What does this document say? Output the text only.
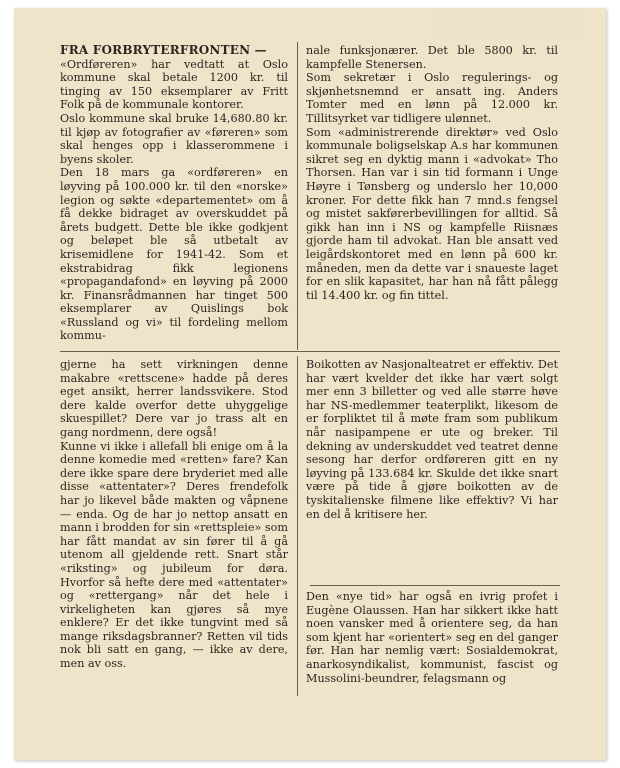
FRA FORBRYTERFRONTEN —

«Ordføreren» har vedtatt at Oslo kommune skal betale 1200 kr. til tinging av 150 eksemplarer av Fritt Folk på de kommunale kontorer.

Oslo kommune skal bruke 14,680.80 kr. til kjøp av fotografier av «føreren» som skal henges opp i klasserommene i byens skoler.

Den 18 mars ga «ordføreren» en løyving på 100.000 kr. til den «norske» legion og søkte «departementet» om å få dekke bidraget av overskuddet på årets budgett. Dette ble ikke godkjent og beløpet ble så utbetalt av krisemidlene for 1941-42. Som et ekstrabidrag fikk legionens «propagandafond» en løyving på 2000 kr. Finansrådmannen har tinget 500 eksemplarer av Quislings bok «Russland og vi» til fordeling mellom kommu-

nale funksjonærer. Det ble 5800 kr. til kampfelle Stenersen.

Som sekretær i Oslo regulerings- og skjønhetsnemnd er ansatt ing. Anders Tomter med en lønn på 12.000 kr. Tillitsyrket var tidligere ulønnet.

Som «administrerende direktør» ved Oslo kommunale boligselskap A.s har kommunen sikret seg en dyktig mann i «advokat» Tho Thorsen. Han var i sin tid formann i Unge Høyre i Tønsberg og underslo her 10,000 kroner. For dette fikk han 7 mnd.s fengsel og mistet sakførerbevillingen for alltid. Så gikk han inn i NS og kampfelle Riisnæs gjorde ham til advokat. Han ble ansatt ved leigårdskontoret med en lønn på 600 kr. måneden, men da dette var i snaueste laget for en slik kapasitet, har han nå fått pålegg til 14.400 kr. og fin tittel.

gjerne ha sett virkningen denne makabre «rettscene» hadde på deres eget ansikt, herrer landssvikere. Stod dere kalde overfor dette uhyggelige skuespillet? Dere var jo trass alt en gang nordmenn, dere også!

Kunne vi ikke i allefall bli enige om å la denne komedie med «retten» fare? Kan dere ikke spare dere bryderiet med alle disse «attentater»? Deres frendefolk har jo likevel både makten og våpnene — enda. Og de har jo nettop ansatt en mann i brodden for sin «rettspleie» som har fått mandat av sin fører til å gå utenom all gjeldende rett. Snart står «riksting» og jubileum for døra. Hvorfor så hefte dere med «attentater» og «rettergang» når det hele i virkeligheten kan gjøres så mye enklere? Er det ikke tungvint med så mange riksdagsbranner? Retten vil tids nok bli satt en gang, — ikke av dere, men av oss.

Boikotten av Nasjonalteatret er effektiv. Det har vært kvelder det ikke har vært solgt mer enn 3 billetter og ved alle større høve har NS-medlemmer teaterplikt, likesom de er forpliktet til å møte fram som publikum når nasipampene er ute og breker. Til dekning av underskuddet ved teatret denne sesong har derfor ordføreren gitt en ny løyving på 133.684 kr. Skulde det ikke snart være på tide å gjøre boikotten av de tyskitalienske filmene like effektiv? Vi har en del å kritisere her.

Den «nye tid» har også en ivrig profet i Eugène Olaussen. Han har sikkert ikke hatt noen vansker med å orientere seg, da han som kjent har «orientert» seg en del ganger før. Han har nemlig vært: Sosialdemokrat, anarkosyndikalist, kommunist, fascist og Mussolini-beundrer, felagsmann og
